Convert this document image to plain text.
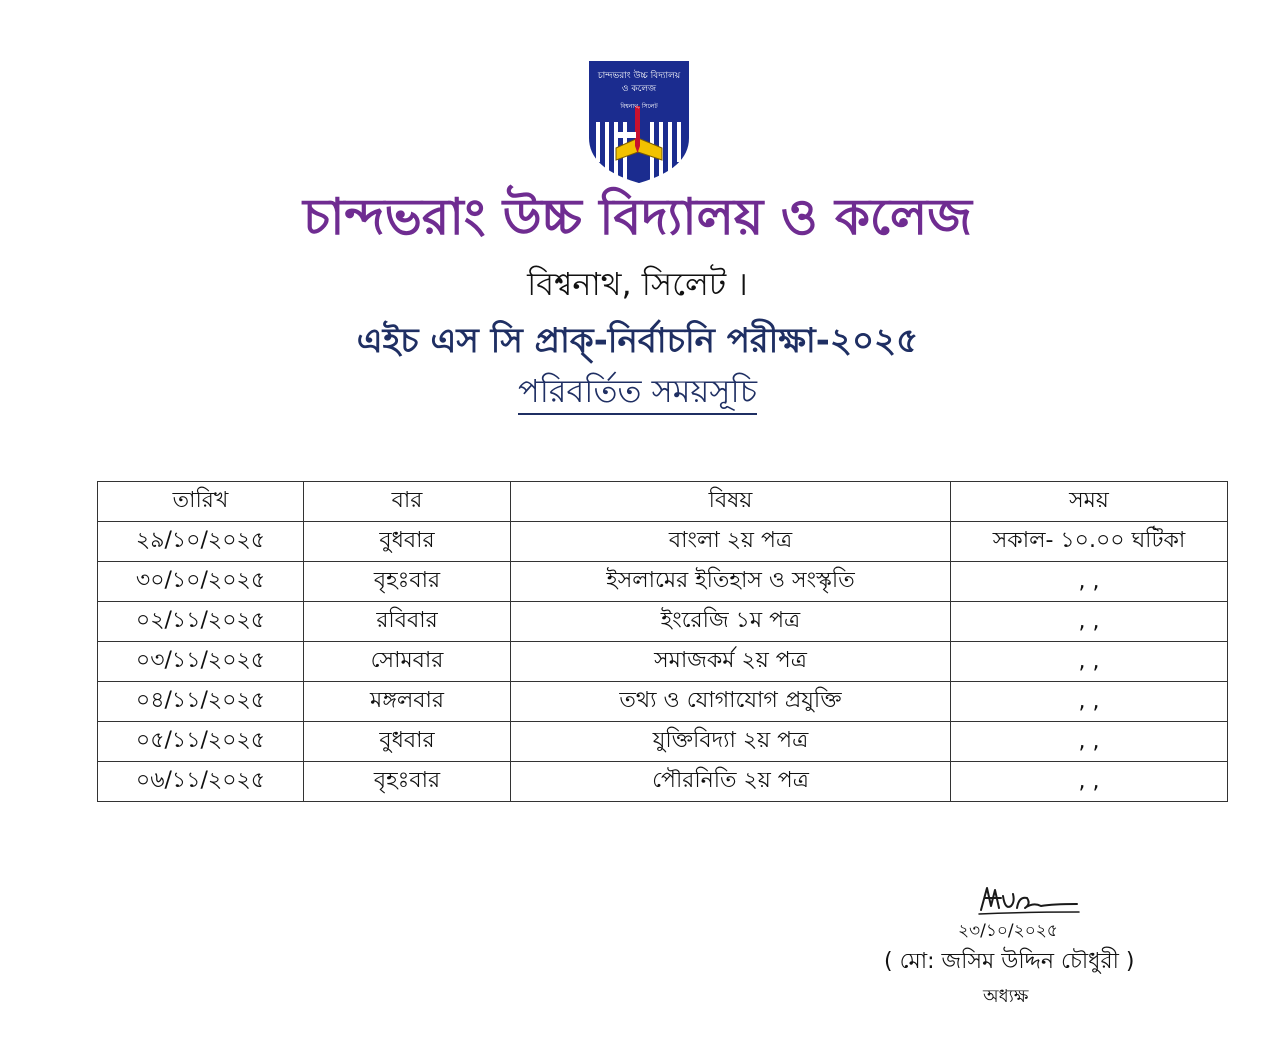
চান্দভরাং উচ্চ বিদ্যালয়
ও কলেজ
বিশ্বনাথ, সিলেট
চান্দভরাং উচ্চ বিদ্যালয় ও কলেজ
বিশ্বনাথ, সিলেট ।
এইচ এস সি প্রাক্-নির্বাচনি পরীক্ষা-২০২৫
পরিবর্তিত সময়সূচি
তারিখ	বার	বিষয়	সময়
২৯/১০/২০২৫	বুধবার	বাংলা ২য় পত্র	সকাল- ১০.০০ ঘটিকা
৩০/১০/২০২৫	বৃহঃবার	ইসলামের ইতিহাস ও সংস্কৃতি	, ,
০২/১১/২০২৫	রবিবার	ইংরেজি ১ম পত্র	, ,
০৩/১১/২০২৫	সোমবার	সমাজকর্ম ২য় পত্র	, ,
০৪/১১/২০২৫	মঙ্গলবার	তথ্য ও যোগাযোগ প্রযুক্তি	, ,
০৫/১১/২০২৫	বুধবার	যুক্তিবিদ্যা ২য় পত্র	, ,
০৬/১১/২০২৫	বৃহঃবার	পৌরনিতি ২য় পত্র	, ,
২৩/১০/২০২৫
( মো: জসিম উদ্দিন চৌধুরী )
অধ্যক্ষ
